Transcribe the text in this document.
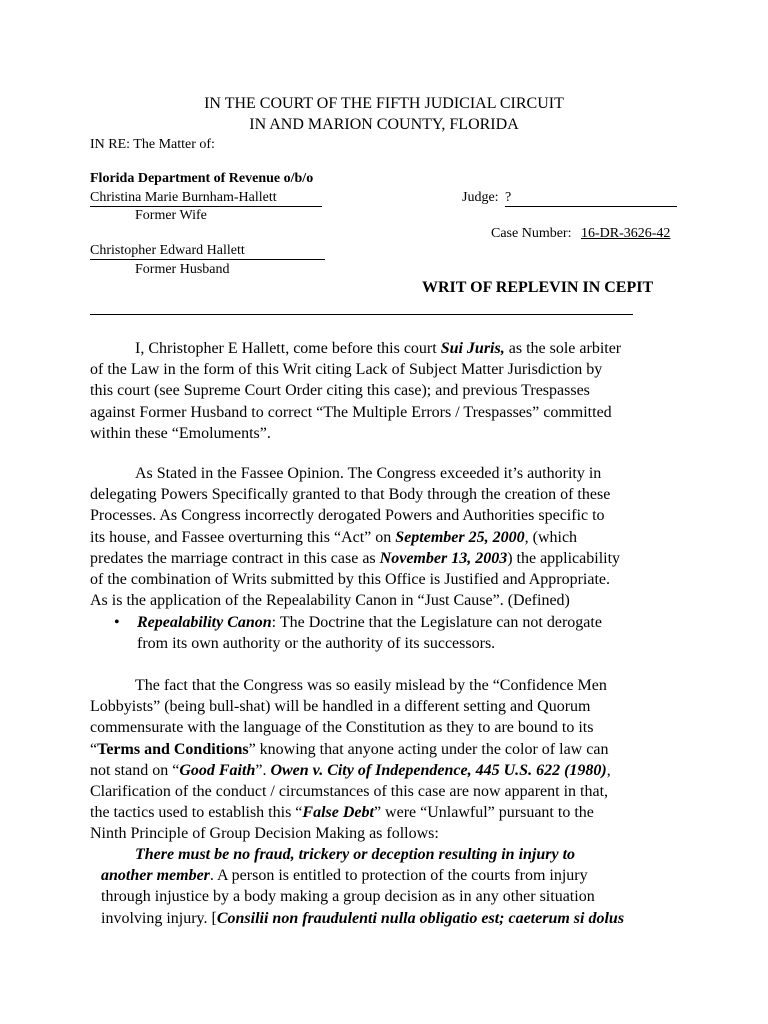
IN THE COURT OF THE FIFTH JUDICIAL CIRCUIT
IN AND MARION COUNTY, FLORIDA
IN RE: The Matter of:
Florida Department of Revenue o/b/o
Christina Marie Burnham-Hallett
Former Wife
Judge: ?
Case Number: 16-DR-3626-42
Christopher Edward Hallett
Former Husband
WRIT OF REPLEVIN IN CEPIT
I, Christopher E Hallett, come before this court Sui Juris, as the sole arbiter
of the Law in the form of this Writ citing Lack of Subject Matter Jurisdiction by
this court (see Supreme Court Order citing this case); and previous Trespasses
against Former Husband to correct “The Multiple Errors / Trespasses” committed
within these “Emoluments”.
As Stated in the Fassee Opinion. The Congress exceeded it’s authority in
delegating Powers Specifically granted to that Body through the creation of these
Processes. As Congress incorrectly derogated Powers and Authorities specific to
its house, and Fassee overturning this “Act” on September 25, 2000, (which
predates the marriage contract in this case as November 13, 2003) the applicability
of the combination of Writs submitted by this Office is Justified and Appropriate.
As is the application of the Repealability Canon in “Just Cause”. (Defined)
• Repealability Canon: The Doctrine that the Legislature can not derogate
from its own authority or the authority of its successors.
The fact that the Congress was so easily mislead by the “Confidence Men
Lobbyists” (being bull-shat) will be handled in a different setting and Quorum
commensurate with the language of the Constitution as they to are bound to its
“Terms and Conditions” knowing that anyone acting under the color of law can
not stand on “Good Faith”. Owen v. City of Independence, 445 U.S. 622 (1980),
Clarification of the conduct / circumstances of this case are now apparent in that,
the tactics used to establish this “False Debt” were “Unlawful” pursuant to the
Ninth Principle of Group Decision Making as follows:
There must be no fraud, trickery or deception resulting in injury to
another member. A person is entitled to protection of the courts from injury
through injustice by a body making a group decision as in any other situation
involving injury. [Consilii non fraudulenti nulla obligatio est; caeterum si dolus
